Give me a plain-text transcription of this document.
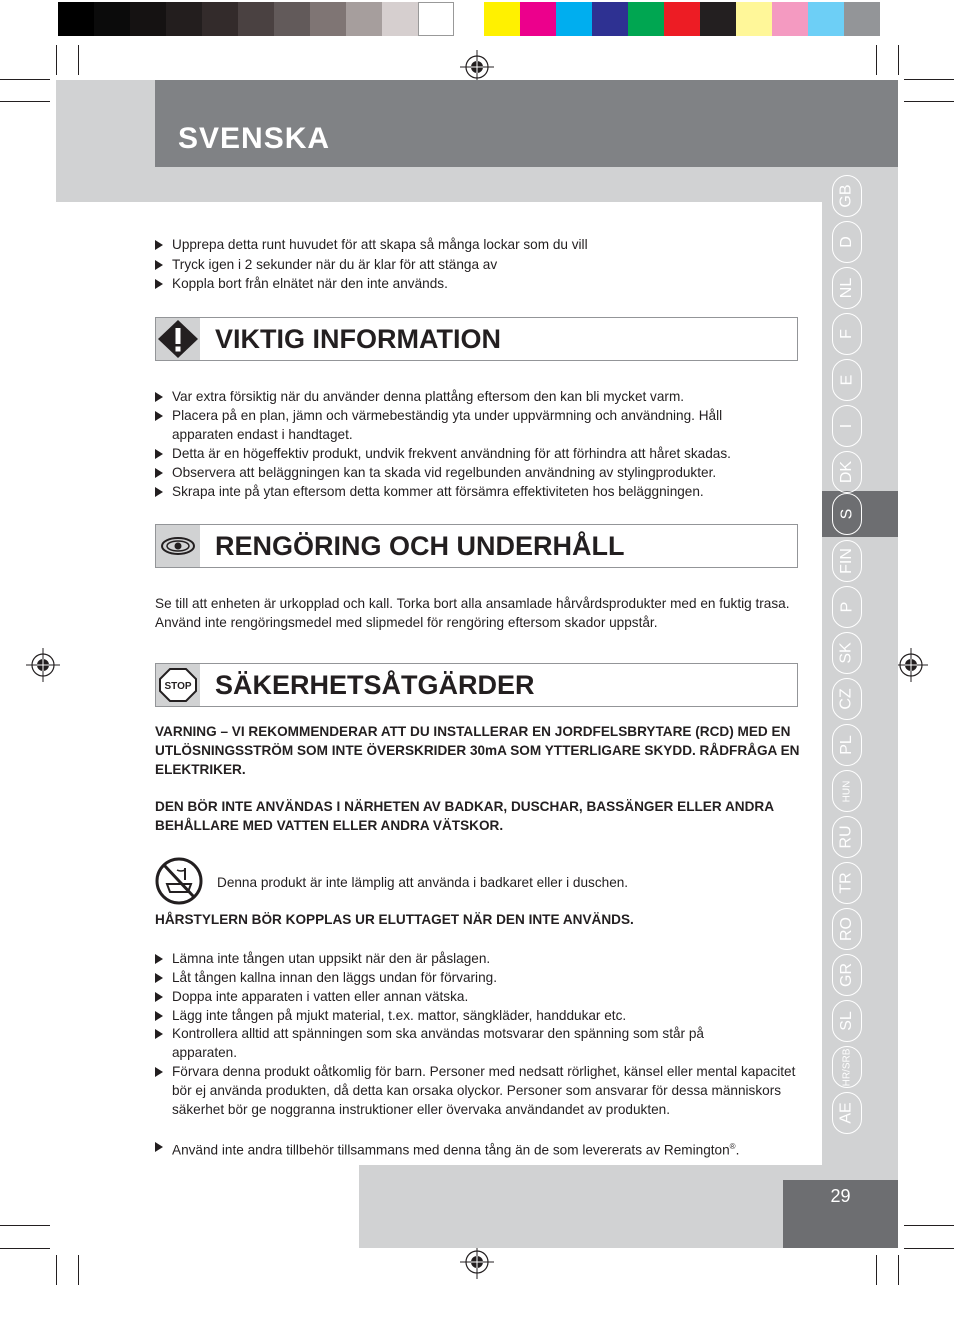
SVENSKA
GB
D
NL
F
E
I
DK
S
FIN
P
SK
CZ
PL
HUN
RU
TR
RO
GR
SL
HR/SRB
AE
Upprepa detta runt huvudet för att skapa så många lockar som du vill
Tryck igen i 2 sekunder när du är klar för att stänga av
Koppla bort från elnätet när den inte används.
VIKTIG INFORMATION
Var extra försiktig när du använder denna plattång eftersom den kan bli mycket varm.
Placera på en plan, jämn och värmebeständig yta under uppvärmning och användning. Håll apparaten endast i handtaget.
Detta är en högeffektiv produkt, undvik frekvent användning för att förhindra att håret skadas.
Observera att beläggningen kan ta skada vid regelbunden användning av stylingprodukter.
Skrapa inte på ytan eftersom detta kommer att försämra effektiviteten hos beläggningen.
RENGÖRING OCH UNDERHÅLL
Se till att enheten är urkopplad och kall. Torka bort alla ansamlade hårvårdsprodukter med en fuktig trasa. Använd inte rengöringsmedel med slipmedel för rengöring eftersom skador uppstår.
STOP SÄKERHETSÅTGÄRDER
VARNING – VI REKOMMENDERAR ATT DU INSTALLERAR EN JORDFELSBRYTARE (RCD) MED EN UTLÖSNINGSSTRÖM SOM INTE ÖVERSKRIDER 30mA SOM YTTERLIGARE SKYDD. RÅDFRÅGA EN ELEKTRIKER.
DEN BÖR INTE ANVÄNDAS I NÄRHETEN AV BADKAR, DUSCHAR, BASSÄNGER ELLER ANDRA BEHÅLLARE MED VATTEN ELLER ANDRA VÄTSKOR.
Denna produkt är inte lämplig att använda i badkaret eller i duschen.
HÅRSTYLERN BÖR KOPPLAS UR ELUTTAGET NÄR DEN INTE ANVÄNDS.
Lämna inte tången utan uppsikt när den är påslagen.
Låt tången kallna innan den läggs undan för förvaring.
Doppa inte apparaten i vatten eller annan vätska.
Lägg inte tången på mjukt material, t.ex. mattor, sängkläder, handdukar etc.
Kontrollera alltid att spänningen som ska användas motsvarar den spänning som står på apparaten.
Förvara denna produkt oåtkomlig för barn. Personer med nedsatt rörlighet, känsel eller mental kapacitet bör ej använda produkten, då detta kan orsaka olyckor. Personer som ansvarar för dessa människors säkerhet bör ge noggranna instruktioner eller övervaka användandet av produkten.
Använd inte andra tillbehör tillsammans med denna tång än de som levererats av Remington®.
29
